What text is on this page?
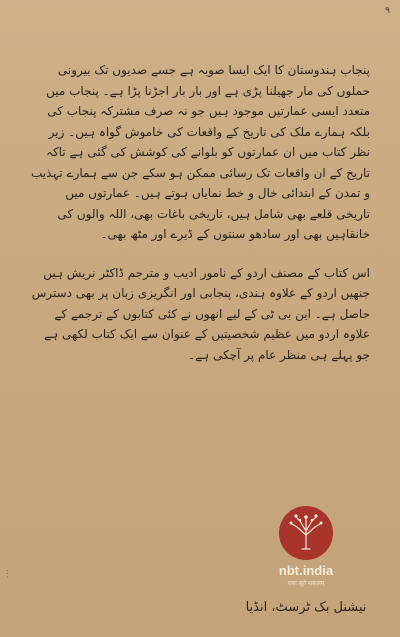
۹

پنجاب ہندوستان کا ایک ایسا صوبہ ہے جسے صدیوں تک بیرونی حملوں کی مار جھیلنا پڑی ہے اور بار بار اجڑنا پڑا ہے۔ پنجاب میں متعدد ایسی عمارتیں موجود ہیں جو نہ صرف مشترکہ پنجاب کی بلکہ ہمارے ملک کی تاریخ کے واقعات کی خاموش گواہ ہیں۔ زیر نظر کتاب میں ان عمارتوں کو بلوانے کی کوشش کی گئی ہے تاکہ تاریخ کے ان واقعات تک رسائی ممکن ہو سکے جن سے ہمارے تہذیب و تمدن کے ابتدائی خال و خط نمایاں ہوتے ہیں۔ عمارتوں میں تاریخی قلعے بھی شامل ہیں، تاریخی باغات بھی، اللہ والوں کی خانقاہیں بھی اور سادھو سنتوں کے ڈیرے اور مٹھ بھی۔

اس کتاب کے مصنف اردو کے نامور ادیب و مترجم ڈاکٹر نریش ہیں جنھیں اردو کے علاوہ ہندی، پنجابی اور انگریزی زبان پر بھی دسترس حاصل ہے۔ این بی ٹی کے لیے انھوں نے کئی کتابوں کے ترجمے کے علاوہ اردو میں عظیم شخصیتیں کے عنوان سے ایک کتاب لکھی ہے جو پہلے ہی منظر عام پر آچکی ہے۔

...	nbt.india
एकः सूते सकलम्
نیشنل بک ٹرسٹ، انڈیا
